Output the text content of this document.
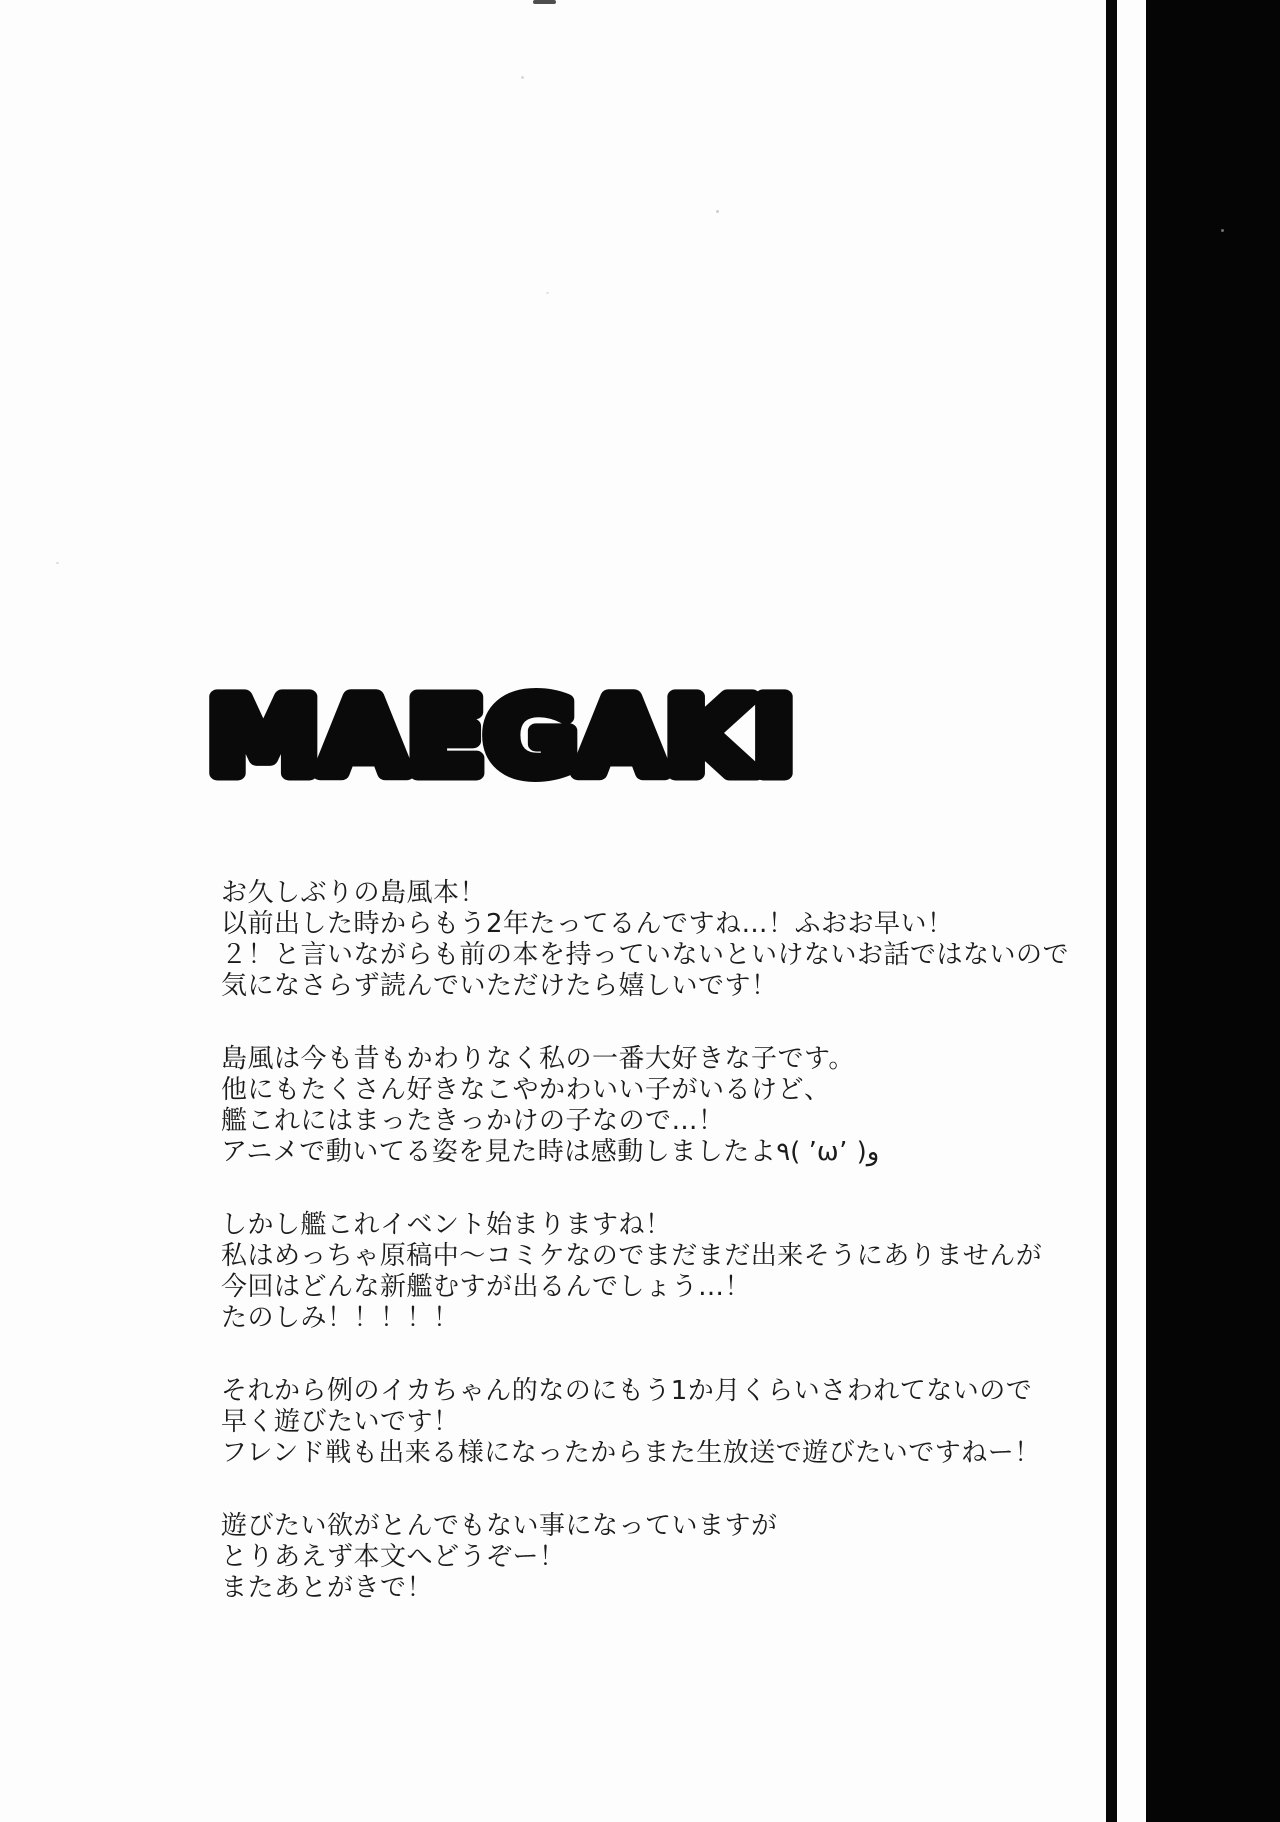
MAEGAKI
お久しぶりの島風本！
以前出した時からもう2年たってるんですね…！ふおお早い！
２！と言いながらも前の本を持っていないといけないお話ではないので
気になさらず読んでいただけたら嬉しいです！
島風は今も昔もかわりなく私の一番大好きな子です。
他にもたくさん好きなこやかわいい子がいるけど、
艦これにはまったきっかけの子なので…！
アニメで動いてる姿を見た時は感動しましたよ٩( ’ω’ )و
しかし艦これイベント始まりますね！
私はめっちゃ原稿中～コミケなのでまだまだ出来そうにありませんが
今回はどんな新艦むすが出るんでしょう…！
たのしみ！！！！！
それから例のイカちゃん的なのにもう1か月くらいさわれてないので
早く遊びたいです！
フレンド戦も出来る様になったからまた生放送で遊びたいですねー！
遊びたい欲がとんでもない事になっていますが
とりあえず本文へどうぞー！
またあとがきで！
